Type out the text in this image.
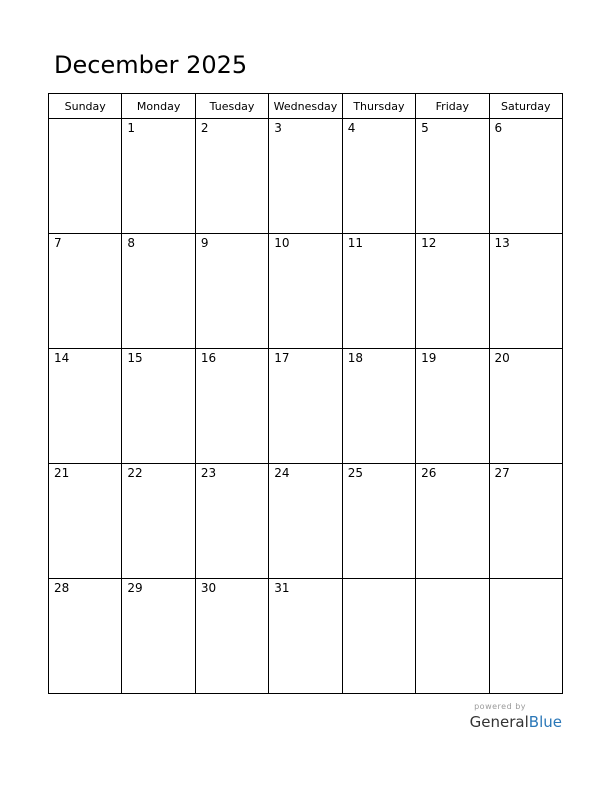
December 2025
Sunday	Monday	Tuesday	Wednesday	Thursday	Friday	Saturday

	1	2	3	4	5	6

7	8	9	10	11	12	13

14	15	16	17	18	19	20

21	22	23	24	25	26	27

28	29	30	31			

powered by
GeneralBlue
